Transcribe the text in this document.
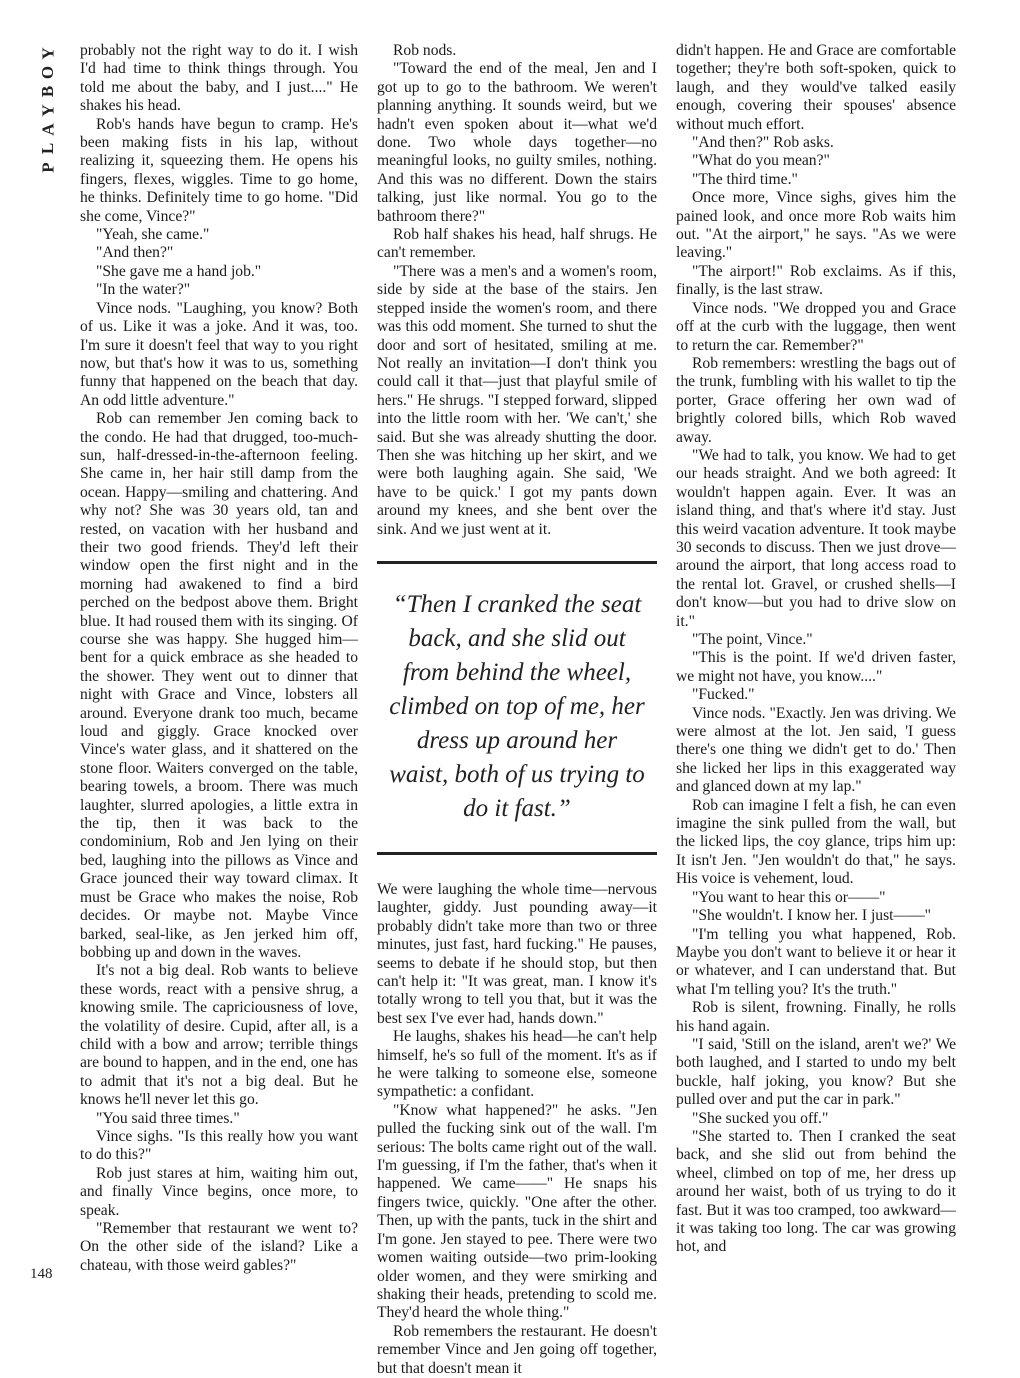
Y
O
B
Y
A
L
P

probably not the right way to do it. I wish I'd had time to think things through. You told me about the baby, and I just...." He shakes his head.

Rob's hands have begun to cramp. He's been making fists in his lap, without realizing it, squeezing them. He opens his fingers, flexes, wiggles. Time to go home, he thinks. Definitely time to go home. "Did she come, Vince?"

"Yeah, she came."

"And then?"

"She gave me a hand job."

"In the water?"

Vince nods. "Laughing, you know? Both of us. Like it was a joke. And it was, too. I'm sure it doesn't feel that way to you right now, but that's how it was to us, something funny that happened on the beach that day. An odd little adventure."

Rob can remember Jen coming back to the condo. He had that drugged, too-much-sun, half-dressed-in-the-afternoon feeling. She came in, her hair still damp from the ocean. Happy—smiling and chattering. And why not? She was 30 years old, tan and rested, on vacation with her husband and their two good friends. They'd left their window open the first night and in the morning had awakened to find a bird perched on the bedpost above them. Bright blue. It had roused them with its singing. Of course she was happy. She hugged him—bent for a quick embrace as she headed to the shower. They went out to dinner that night with Grace and Vince, lobsters all around. Everyone drank too much, became loud and giggly. Grace knocked over Vince's water glass, and it shattered on the stone floor. Waiters converged on the table, bearing towels, a broom. There was much laughter, slurred apologies, a little extra in the tip, then it was back to the condominium, Rob and Jen lying on their bed, laughing into the pillows as Vince and Grace jounced their way toward climax. It must be Grace who makes the noise, Rob decides. Or maybe not. Maybe Vince barked, seal-like, as Jen jerked him off, bobbing up and down in the waves.

It's not a big deal. Rob wants to believe these words, react with a pensive shrug, a knowing smile. The capriciousness of love, the volatility of desire. Cupid, after all, is a child with a bow and arrow; terrible things are bound to happen, and in the end, one has to admit that it's not a big deal. But he knows he'll never let this go.

"You said three times."

Vince sighs. "Is this really how you want to do this?"

Rob just stares at him, waiting him out, and finally Vince begins, once more, to speak.

"Remember that restaurant we went to? On the other side of the island? Like a chateau, with those weird gables?"

Rob nods.

"Toward the end of the meal, Jen and I got up to go to the bathroom. We weren't planning anything. It sounds weird, but we hadn't even spoken about it—what we'd done. Two whole days together—no meaningful looks, no guilty smiles, nothing. And this was no different. Down the stairs talking, just like normal. You go to the bathroom there?"

Rob half shakes his head, half shrugs. He can't remember.

"There was a men's and a women's room, side by side at the base of the stairs. Jen stepped inside the women's room, and there was this odd moment. She turned to shut the door and sort of hesitated, smiling at me. Not really an invitation—I don't think you could call it that—just that playful smile of hers." He shrugs. "I stepped forward, slipped into the little room with her. 'We can't,' she said. But she was already shutting the door. Then she was hitching up her skirt, and we were both laughing again. She said, 'We have to be quick.' I got my pants down around my knees, and she bent over the sink. And we just went at it.

“Then I cranked the seat back, and she slid out from behind the wheel, climbed on top of me, her dress up around her waist, both of us trying to do it fast.”

We were laughing the whole time—nervous laughter, giddy. Just pounding away—it probably didn't take more than two or three minutes, just fast, hard fucking." He pauses, seems to debate if he should stop, but then can't help it: "It was great, man. I know it's totally wrong to tell you that, but it was the best sex I've ever had, hands down."

He laughs, shakes his head—he can't help himself, he's so full of the moment. It's as if he were talking to someone else, someone sympathetic: a confidant.

"Know what happened?" he asks. "Jen pulled the fucking sink out of the wall. I'm serious: The bolts came right out of the wall. I'm guessing, if I'm the father, that's when it happened. We came——" He snaps his fingers twice, quickly. "One after the other. Then, up with the pants, tuck in the shirt and I'm gone. Jen stayed to pee. There were two women waiting outside—two prim-looking older women, and they were smirking and shaking their heads, pretending to scold me. They'd heard the whole thing."

Rob remembers the restaurant. He doesn't remember Vince and Jen going off together, but that doesn't mean it

didn't happen. He and Grace are comfortable together; they're both soft-spoken, quick to laugh, and they would've talked easily enough, covering their spouses' absence without much effort.

"And then?" Rob asks.

"What do you mean?"

"The third time."

Once more, Vince sighs, gives him the pained look, and once more Rob waits him out. "At the airport," he says. "As we were leaving."

"The airport!" Rob exclaims. As if this, finally, is the last straw.

Vince nods. "We dropped you and Grace off at the curb with the luggage, then went to return the car. Remember?"

Rob remembers: wrestling the bags out of the trunk, fumbling with his wallet to tip the porter, Grace offering her own wad of brightly colored bills, which Rob waved away.

"We had to talk, you know. We had to get our heads straight. And we both agreed: It wouldn't happen again. Ever. It was an island thing, and that's where it'd stay. Just this weird vacation adventure. It took maybe 30 seconds to discuss. Then we just drove—around the airport, that long access road to the rental lot. Gravel, or crushed shells—I don't know—but you had to drive slow on it."

"The point, Vince."

"This is the point. If we'd driven faster, we might not have, you know...."

"Fucked."

Vince nods. "Exactly. Jen was driving. We were almost at the lot. Jen said, 'I guess there's one thing we didn't get to do.' Then she licked her lips in this exaggerated way and glanced down at my lap."

Rob can imagine I felt a fish, he can even imagine the sink pulled from the wall, but the licked lips, the coy glance, trips him up: It isn't Jen. "Jen wouldn't do that," he says. His voice is vehement, loud.

"You want to hear this or——"

"She wouldn't. I know her. I just——"

"I'm telling you what happened, Rob. Maybe you don't want to believe it or hear it or whatever, and I can understand that. But what I'm telling you? It's the truth."

Rob is silent, frowning. Finally, he rolls his hand again.

"I said, 'Still on the island, aren't we?' We both laughed, and I started to undo my belt buckle, half joking, you know? But she pulled over and put the car in park."

"She sucked you off."

"She started to. Then I cranked the seat back, and she slid out from behind the wheel, climbed on top of me, her dress up around her waist, both of us trying to do it fast. But it was too cramped, too awkward—it was taking too long. The car was growing hot, and

148
